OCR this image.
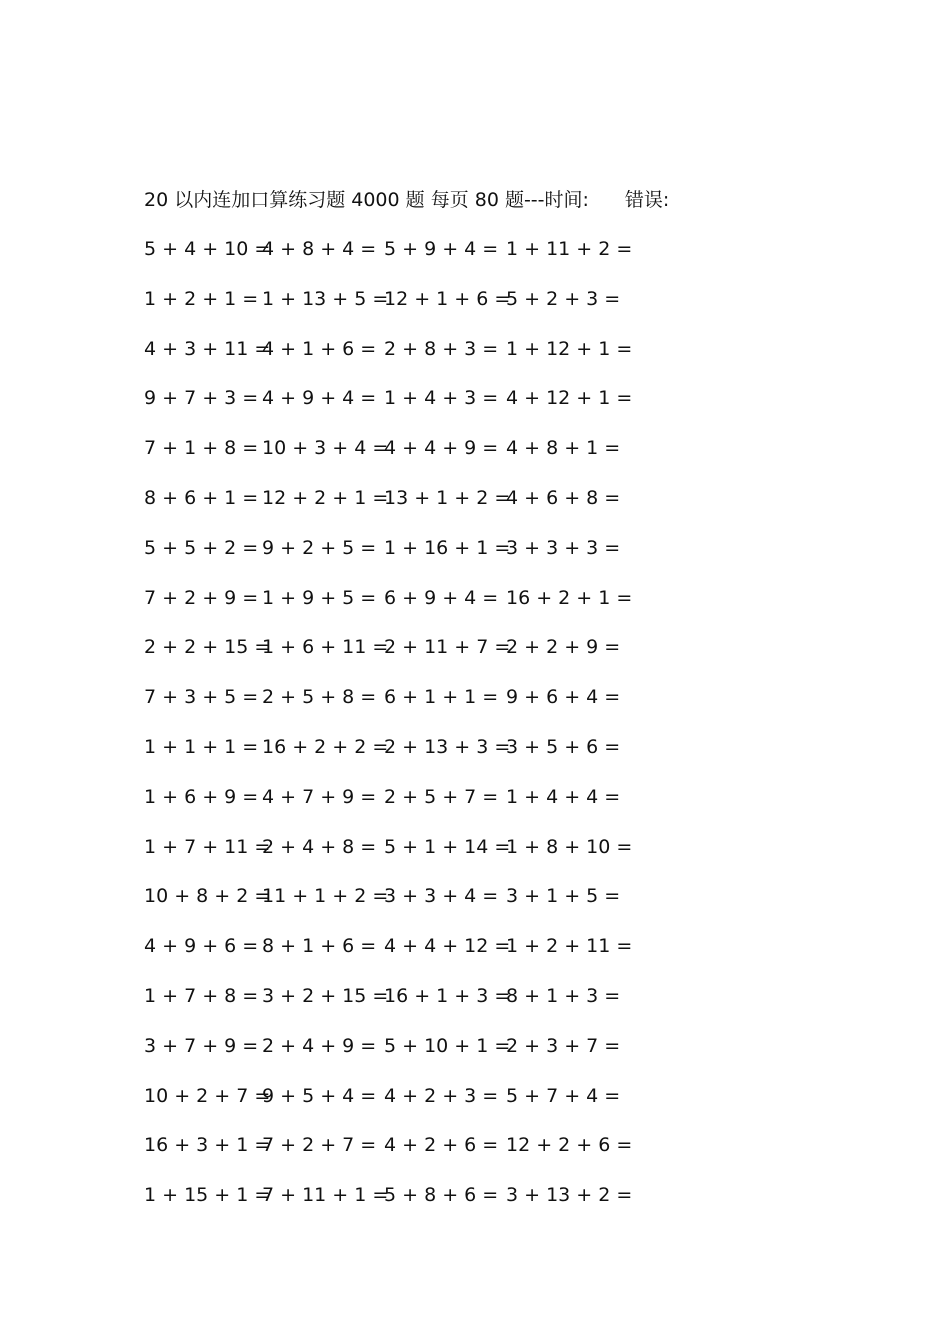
20 以内连加口算练习题 4000 题 每页 80 题---时间: 错误:
5 + 4 + 10 =
4 + 8 + 4 = 5 + 9 + 4 = 1 + 11 + 2 =
1 + 2 + 1 = 1 + 13 + 5 =
12 + 1 + 6 =
5 + 2 + 3 =
4 + 3 + 11 =
4 + 1 + 6 = 2 + 8 + 3 = 1 + 12 + 1 =
9 + 7 + 3 = 4 + 9 + 4 = 1 + 4 + 3 = 4 + 12 + 1 =
7 + 1 + 8 = 10 + 3 + 4 =
4 + 4 + 9 = 4 + 8 + 1 =
8 + 6 + 1 = 12 + 2 + 1 =
13 + 1 + 2 =
4 + 6 + 8 =
5 + 5 + 2 = 9 + 2 + 5 = 1 + 16 + 1 =
3 + 3 + 3 =
7 + 2 + 9 = 1 + 9 + 5 = 6 + 9 + 4 = 16 + 2 + 1 =
2 + 2 + 15 =
1 + 6 + 11 =
2 + 11 + 7 =
2 + 2 + 9 =
7 + 3 + 5 = 2 + 5 + 8 = 6 + 1 + 1 = 9 + 6 + 4 =
1 + 1 + 1 = 16 + 2 + 2 =
2 + 13 + 3 =
3 + 5 + 6 =
1 + 6 + 9 = 4 + 7 + 9 = 2 + 5 + 7 = 1 + 4 + 4 =
1 + 7 + 11 =
2 + 4 + 8 = 5 + 1 + 14 =
1 + 8 + 10 =
10 + 8 + 2 =
11 + 1 + 2 =
3 + 3 + 4 = 3 + 1 + 5 =
4 + 9 + 6 = 8 + 1 + 6 = 4 + 4 + 12 =
1 + 2 + 11 =
1 + 7 + 8 = 3 + 2 + 15 =
16 + 1 + 3 =
8 + 1 + 3 =
3 + 7 + 9 = 2 + 4 + 9 = 5 + 10 + 1 =
2 + 3 + 7 =
10 + 2 + 7 =
9 + 5 + 4 = 4 + 2 + 3 = 5 + 7 + 4 =
16 + 3 + 1 =
7 + 2 + 7 = 4 + 2 + 6 = 12 + 2 + 6 =
1 + 15 + 1 =
7 + 11 + 1 =
5 + 8 + 6 = 3 + 13 + 2 =
